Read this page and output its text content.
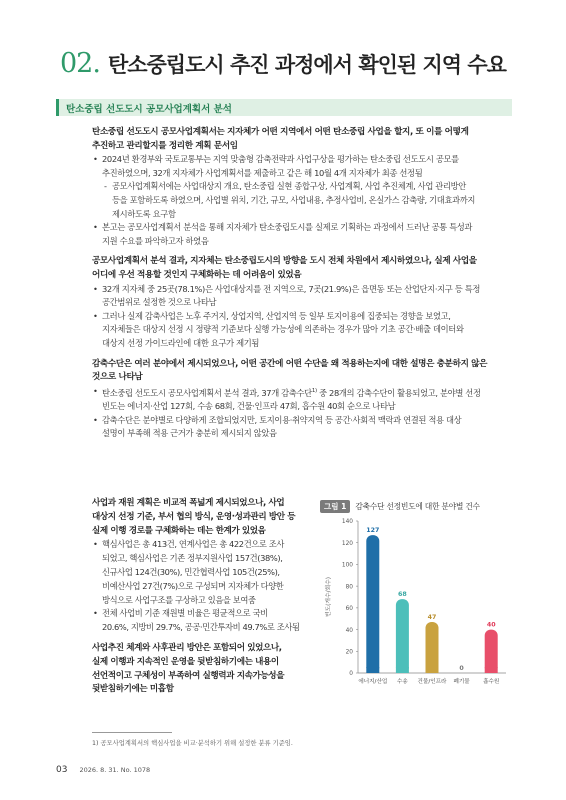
02. 탄소중립도시 추진 과정에서 확인된 지역 수요
탄소중립 선도도시 공모사업계획서 분석
탄소중립 선도도시 공모사업계획서는 지자체가 어떤 지역에서 어떤 탄소중립 사업을 할지, 또 이를 어떻게
추진하고 관리할지를 정리한 계획 문서임
• 2024년 환경부와 국토교통부는 지역 맞춤형 감축전략과 사업구상을 평가하는 탄소중립 선도도시 공모를
추진하였으며, 32개 지자체가 사업계획서를 제출하고 같은 해 10월 4개 지자체가 최종 선정됨
- 공모사업계획서에는 사업대상지 개요, 탄소중립 실현 종합구상, 사업계획, 사업 추진체계, 사업 관리방안
등을 포함하도록 하였으며, 사업별 위치, 기간, 규모, 사업내용, 추정사업비, 온실가스 감축량, 기대효과까지
제시하도록 요구함
• 본고는 공모사업계획서 분석을 통해 지자체가 탄소중립도시를 실제로 기획하는 과정에서 드러난 공통 특성과
지원 수요를 파악하고자 하였음
공모사업계획서 분석 결과, 지자체는 탄소중립도시의 방향을 도시 전체 차원에서 제시하였으나, 실제 사업을
어디에 우선 적용할 것인지 구체화하는 데 어려움이 있었음
• 32개 지자체 중 25곳(78.1%)은 사업대상지를 전 지역으로, 7곳(21.9%)은 읍면동 또는 산업단지·지구 등 특정
공간범위로 설정한 것으로 나타남
• 그러나 실제 감축사업은 노후 주거지, 상업지역, 산업지역 등 일부 토지이용에 집중되는 경향을 보였고,
지자체들은 대상지 선정 시 정량적 기준보다 실행 가능성에 의존하는 경우가 많아 기초 공간·배출 데이터와
대상지 선정 가이드라인에 대한 요구가 제기됨
감축수단은 여러 분야에서 제시되었으나, 어떤 공간에 어떤 수단을 왜 적용하는지에 대한 설명은 충분하지 않은
것으로 나타남
• 탄소중립 선도도시 공모사업계획서 분석 결과, 37개 감축수단$^{1)}$ 중 28개의 감축수단이 활용되었고, 분야별 선정
빈도는 에너지·산업 127회, 수송 68회, 건물·인프라 47회, 흡수원 40회 순으로 나타남
• 감축수단은 분야별로 다양하게 조합되었지만, 토지이용·취약지역 등 공간·사회적 맥락과 연결된 적용 대상
설명이 부족해 적용 근거가 충분히 제시되지 않았음
사업과 재원 계획은 비교적 폭넓게 제시되었으나, 사업
대상지 선정 기준, 부서 협의 방식, 운영·성과관리 방안 등
실제 이행 경로를 구체화하는 데는 한계가 있었음
• 핵심사업은 총 413건, 연계사업은 총 422건으로 조사
되었고, 핵심사업은 기존 정부지원사업 157건(38%),
신규사업 124건(30%), 민간협력사업 105건(25%),
비예산사업 27건(7%)으로 구성되며 지자체가 다양한
방식으로 사업구조를 구상하고 있음을 보여줌
• 전체 사업비 기준 재원별 비율은 평균적으로 국비
20.6%, 지방비 29.7%, 공공·민간투자비 49.7%로 조사됨
사업추진 체계와 사후관리 방안은 포함되어 있었으나,
실제 이행과 지속적인 운영을 뒷받침하기에는 내용이
선언적이고 구체성이 부족하여 실행력과 지속가능성을
뒷받침하기에는 미흡함
그림 1	감축수단 선정빈도에 대한 분야별 건수
0
20
40
60
80
100
120
140
빈도(개수/회수)
127
에너지/산업
68
수송
47
건물/인프라
0
폐기물
40
흡수원
1) 공모사업계획서의 핵심사업을 비교·분석하기 위해 설정한 분류 기준임.
03 2026. 8. 31. No. 1078
